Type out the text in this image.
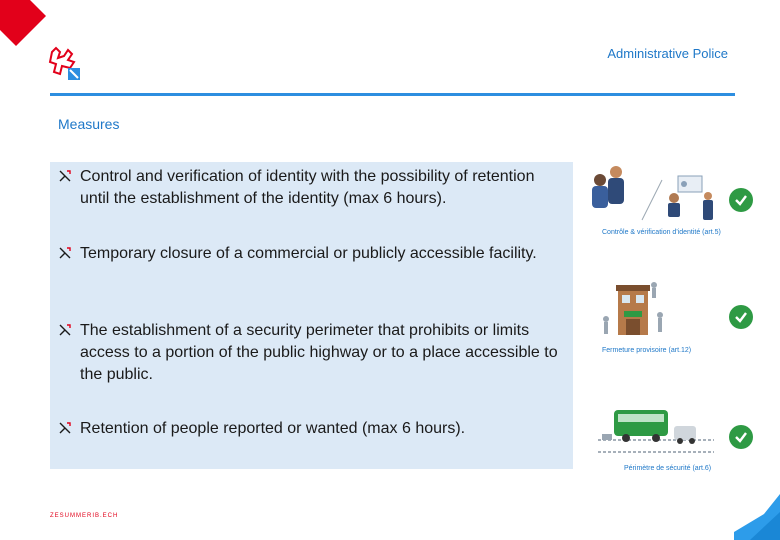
Administrative Police
Measures
Control and verification of identity with the possibility of retention until the establishment of the identity (max 6 hours).
Temporary closure of a commercial or publicly accessible facility.
The establishment of a security perimeter that prohibits or limits access to a portion of the public highway or to a place accessible to the public.
Retention of people reported or wanted (max 6 hours).
Contrôle & vérification d'identité (art.5)
Fermeture provisoire (art.12)
Périmètre de sécurité (art.6)
ZESUMMERIB.ECH
